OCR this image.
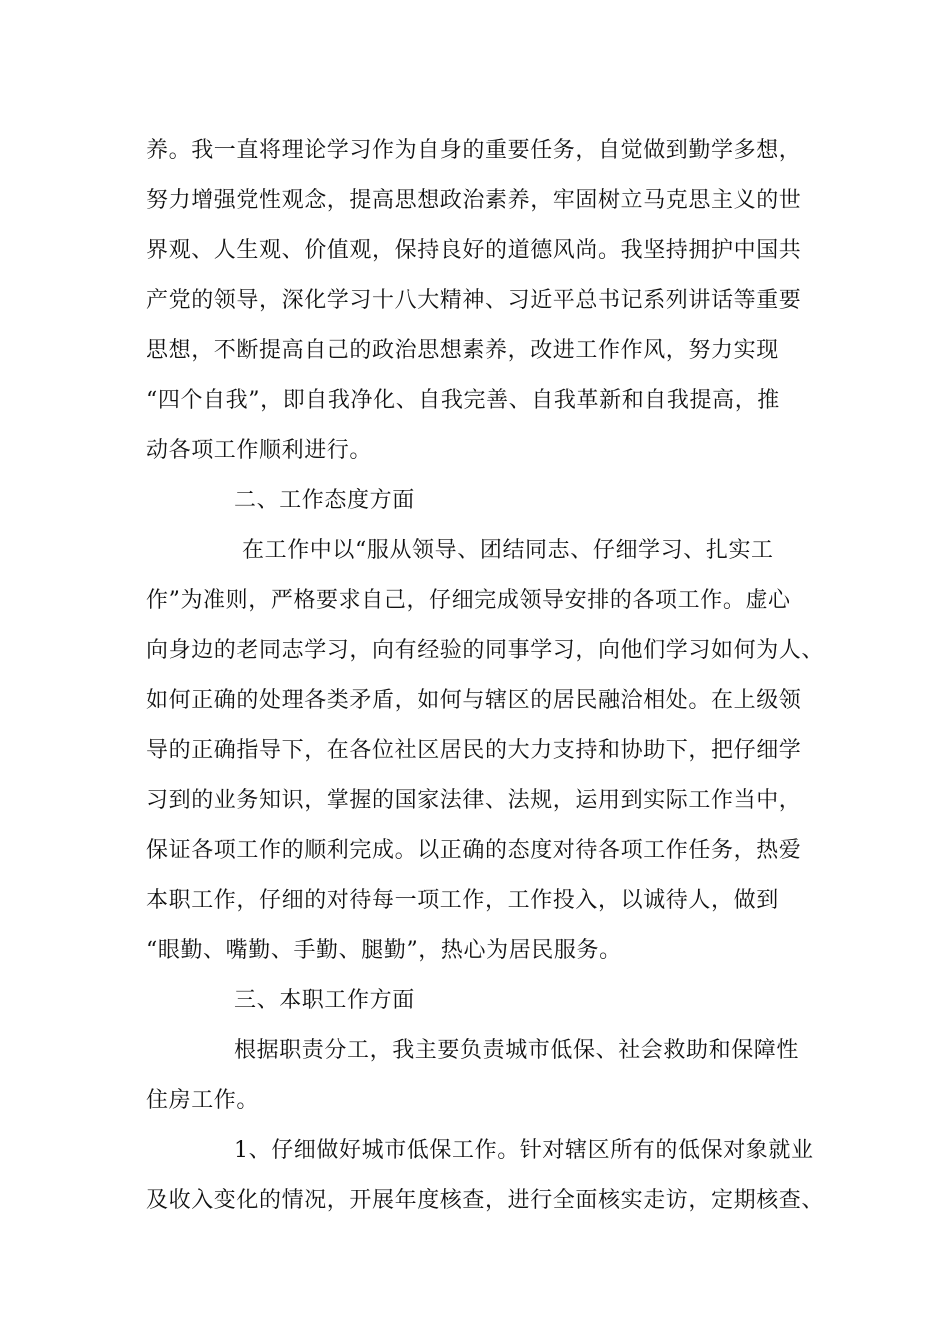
养。我一直将理论学习作为自身的重要任务，自觉做到勤学多想，
努力增强党性观念，提高思想政治素养，牢固树立马克思主义的世
界观、人生观、价值观，保持良好的道德风尚。我坚持拥护中国共
产党的领导，深化学习十八大精神、习近平总书记系列讲话等重要
思想，不断提高自己的政治思想素养，改进工作作风，努力实现
“四个自我”，即自我净化、自我完善、自我革新和自我提高，推
动各项工作顺利进行。
二、工作态度方面
在工作中以“服从领导、团结同志、仔细学习、扎实工
作”为准则，严格要求自己，仔细完成领导安排的各项工作。虚心
向身边的老同志学习，向有经验的同事学习，向他们学习如何为人、
如何正确的处理各类矛盾，如何与辖区的居民融洽相处。在上级领
导的正确指导下，在各位社区居民的大力支持和协助下，把仔细学
习到的业务知识，掌握的国家法律、法规，运用到实际工作当中，
保证各项工作的顺利完成。以正确的态度对待各项工作任务，热爱
本职工作，仔细的对待每一项工作，工作投入，以诚待人，做到
“眼勤、嘴勤、手勤、腿勤”，热心为居民服务。
三、本职工作方面
根据职责分工，我主要负责城市低保、社会救助和保障性
住房工作。
1、仔细做好城市低保工作。针对辖区所有的低保对象就业
及收入变化的情况，开展年度核查，进行全面核实走访，定期核查、
